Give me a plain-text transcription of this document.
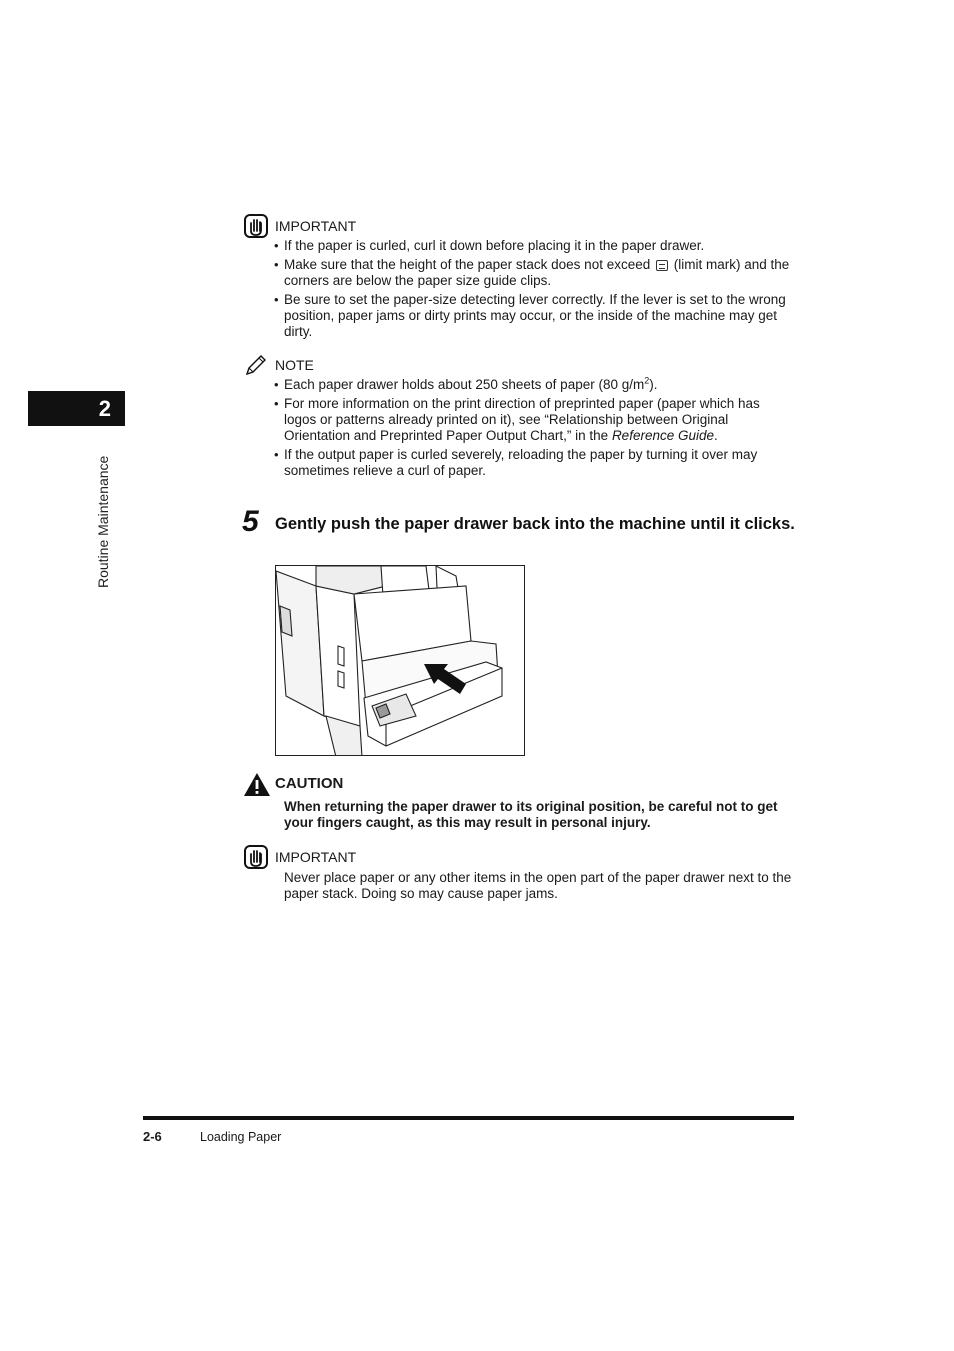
2
Routine Maintenance
IMPORTANT
• If the paper is curled, curl it down before placing it in the paper drawer.
• Make sure that the height of the paper stack does not exceed  (limit mark) and the corners are below the paper size guide clips.
• Be sure to set the paper-size detecting lever correctly. If the lever is set to the wrong position, paper jams or dirty prints may occur, or the inside of the machine may get dirty.
NOTE
• Each paper drawer holds about 250 sheets of paper (80 $g/m^2$).
• For more information on the print direction of preprinted paper (paper which has logos or patterns already printed on it), see “Relationship between Original Orientation and Preprinted Paper Output Chart,” in the Reference Guide.
• If the output paper is curled severely, reloading the paper by turning it over may sometimes relieve a curl of paper.
5 Gently push the paper drawer back into the machine until it clicks.
CAUTION
When returning the paper drawer to its original position, be careful not to get your fingers caught, as this may result in personal injury.
IMPORTANT
Never place paper or any other items in the open part of the paper drawer next to the paper stack. Doing so may cause paper jams.
2-6	Loading Paper
